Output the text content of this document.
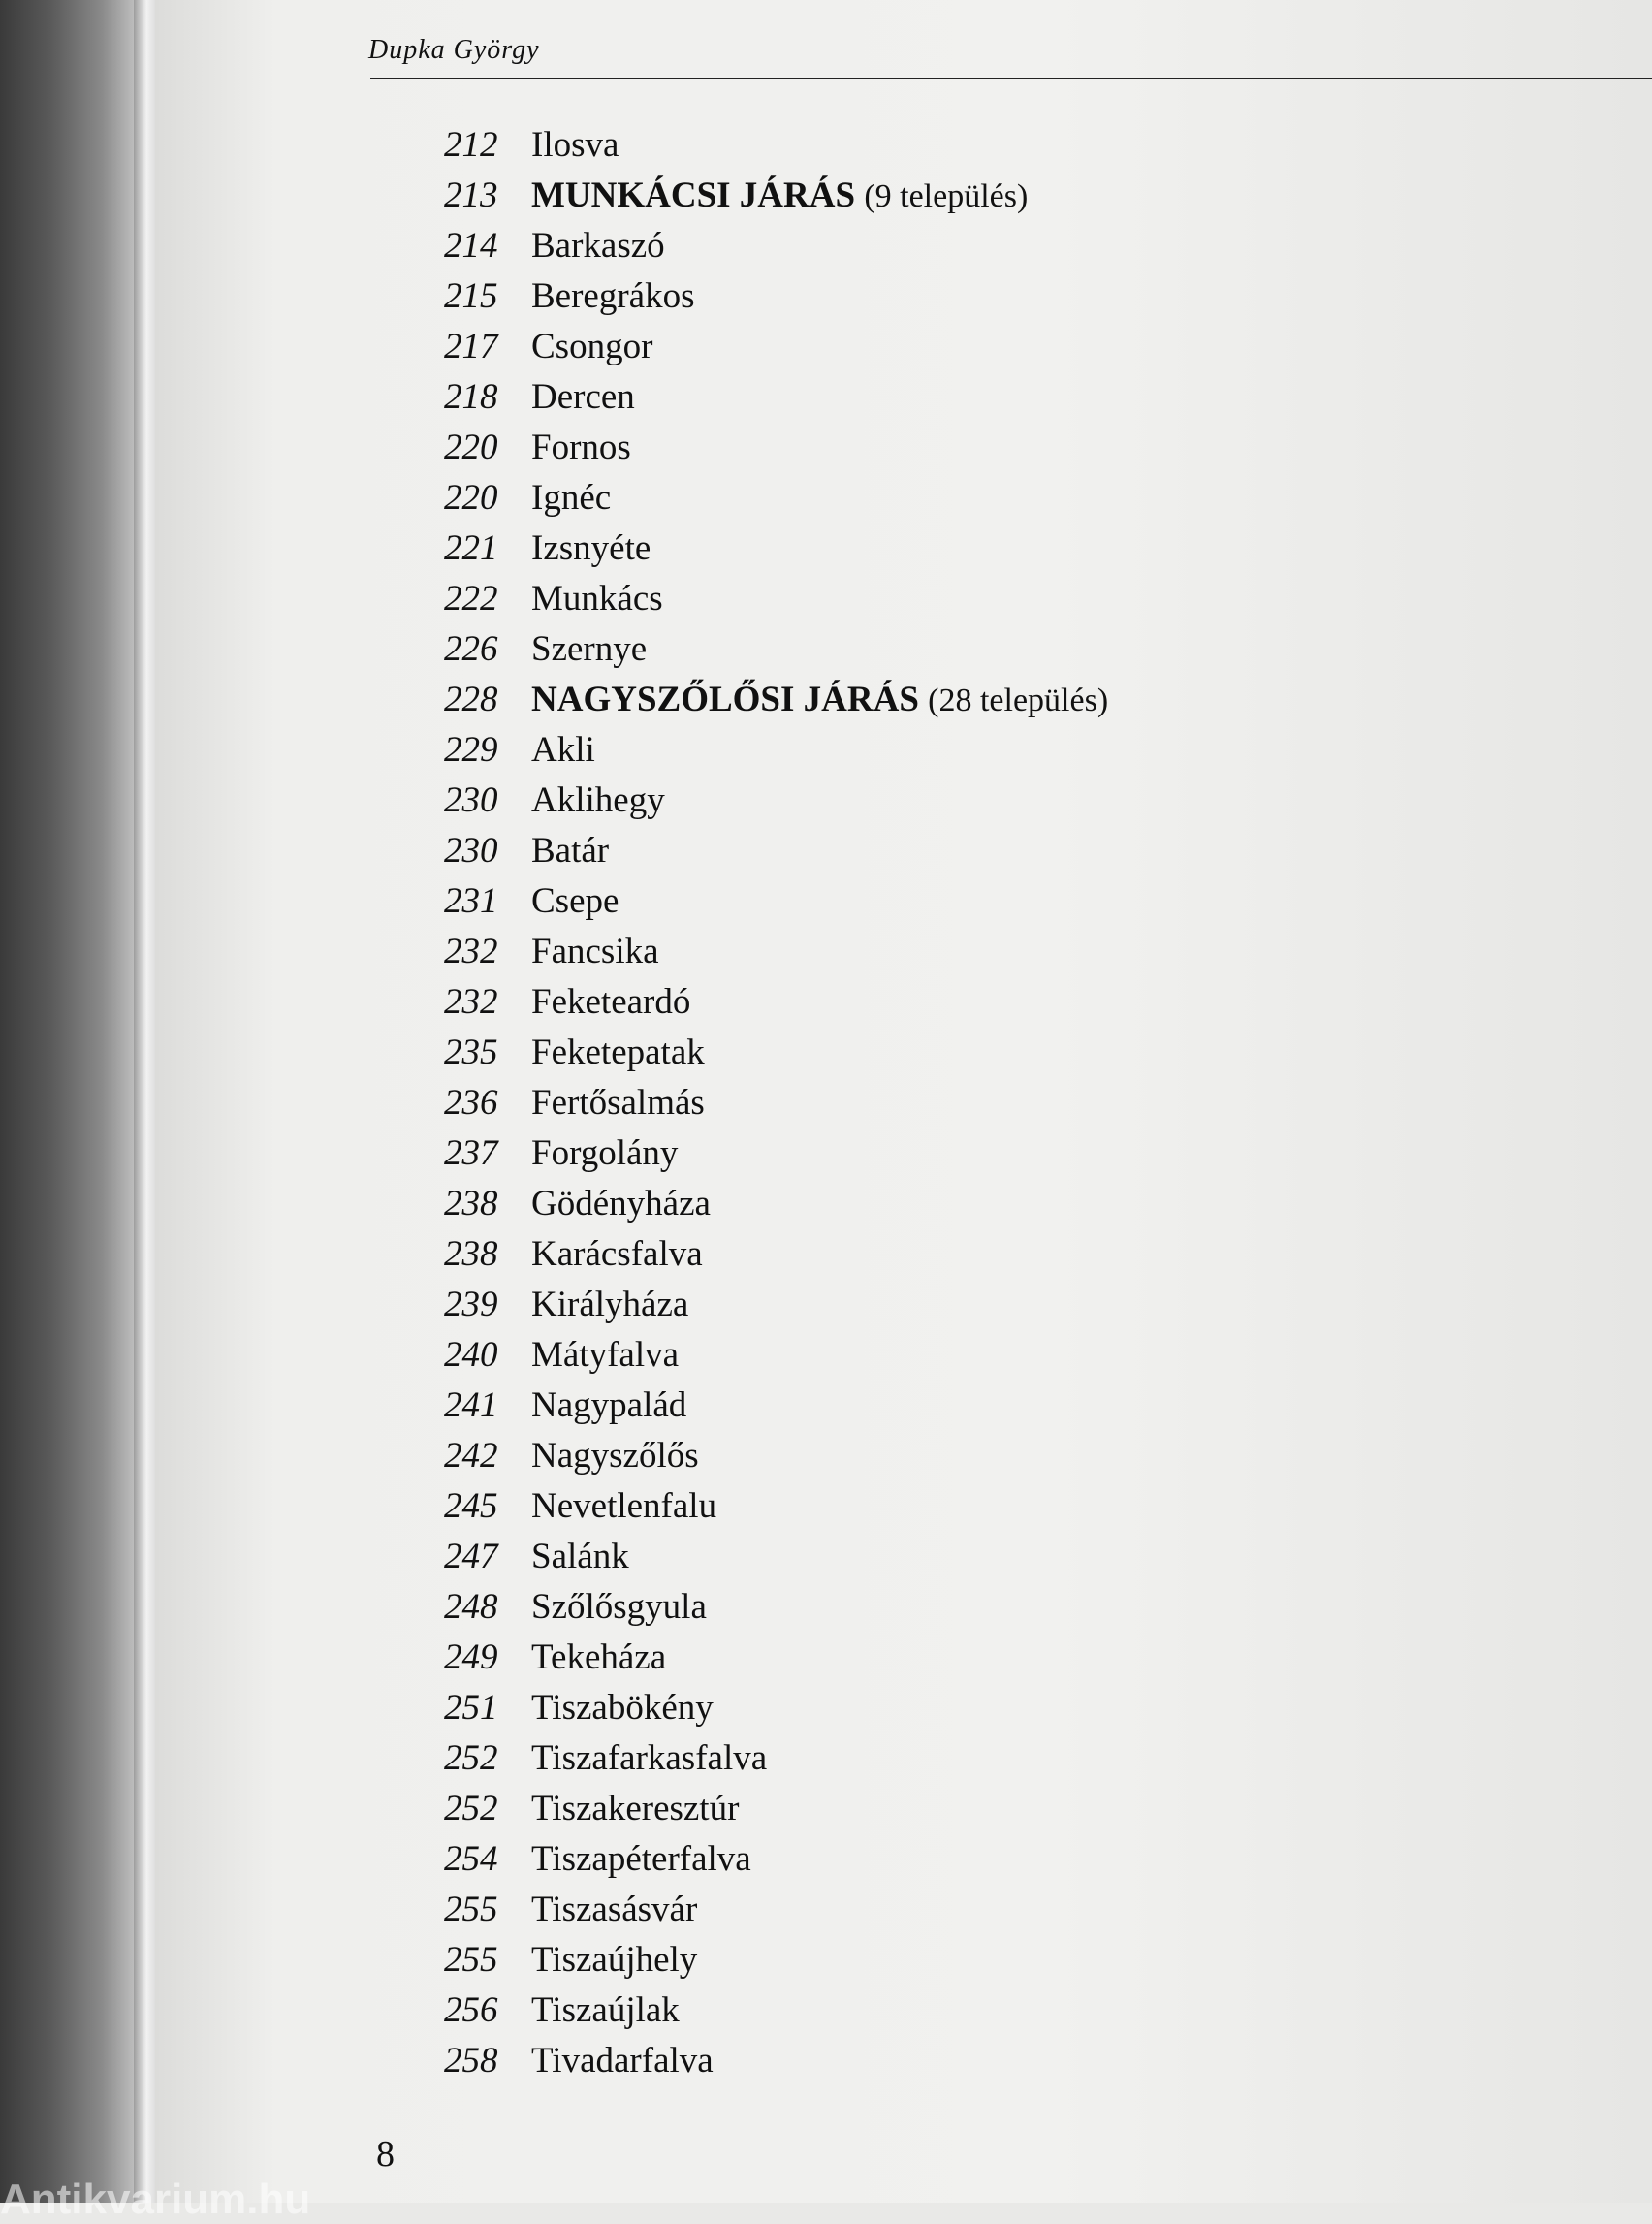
Dupka György
212 Ilosva
213 MUNKÁCSI JÁRÁS (9 település)
214 Barkaszó
215 Beregrákos
217 Csongor
218 Dercen
220 Fornos
220 Ignéc
221 Izsnyéte
222 Munkács
226 Szernye
228 NAGYSZŐLŐSI JÁRÁS (28 település)
229 Akli
230 Aklihegy
230 Batár
231 Csepe
232 Fancsika
232 Feketeardó
235 Feketepatak
236 Fertősalmás
237 Forgolány
238 Gödényháza
238 Karácsfalva
239 Királyháza
240 Mátyfalva
241 Nagypalád
242 Nagyszőlős
245 Nevetlenfalu
247 Salánk
248 Szőlősgyula
249 Tekeháza
251 Tiszabökény
252 Tiszafarkasfalva
252 Tiszakeresztúr
254 Tiszapéterfalva
255 Tiszasásvár
255 Tiszaújhely
256 Tiszaújlak
258 Tivadarfalva
8
Antikvarium.hu
